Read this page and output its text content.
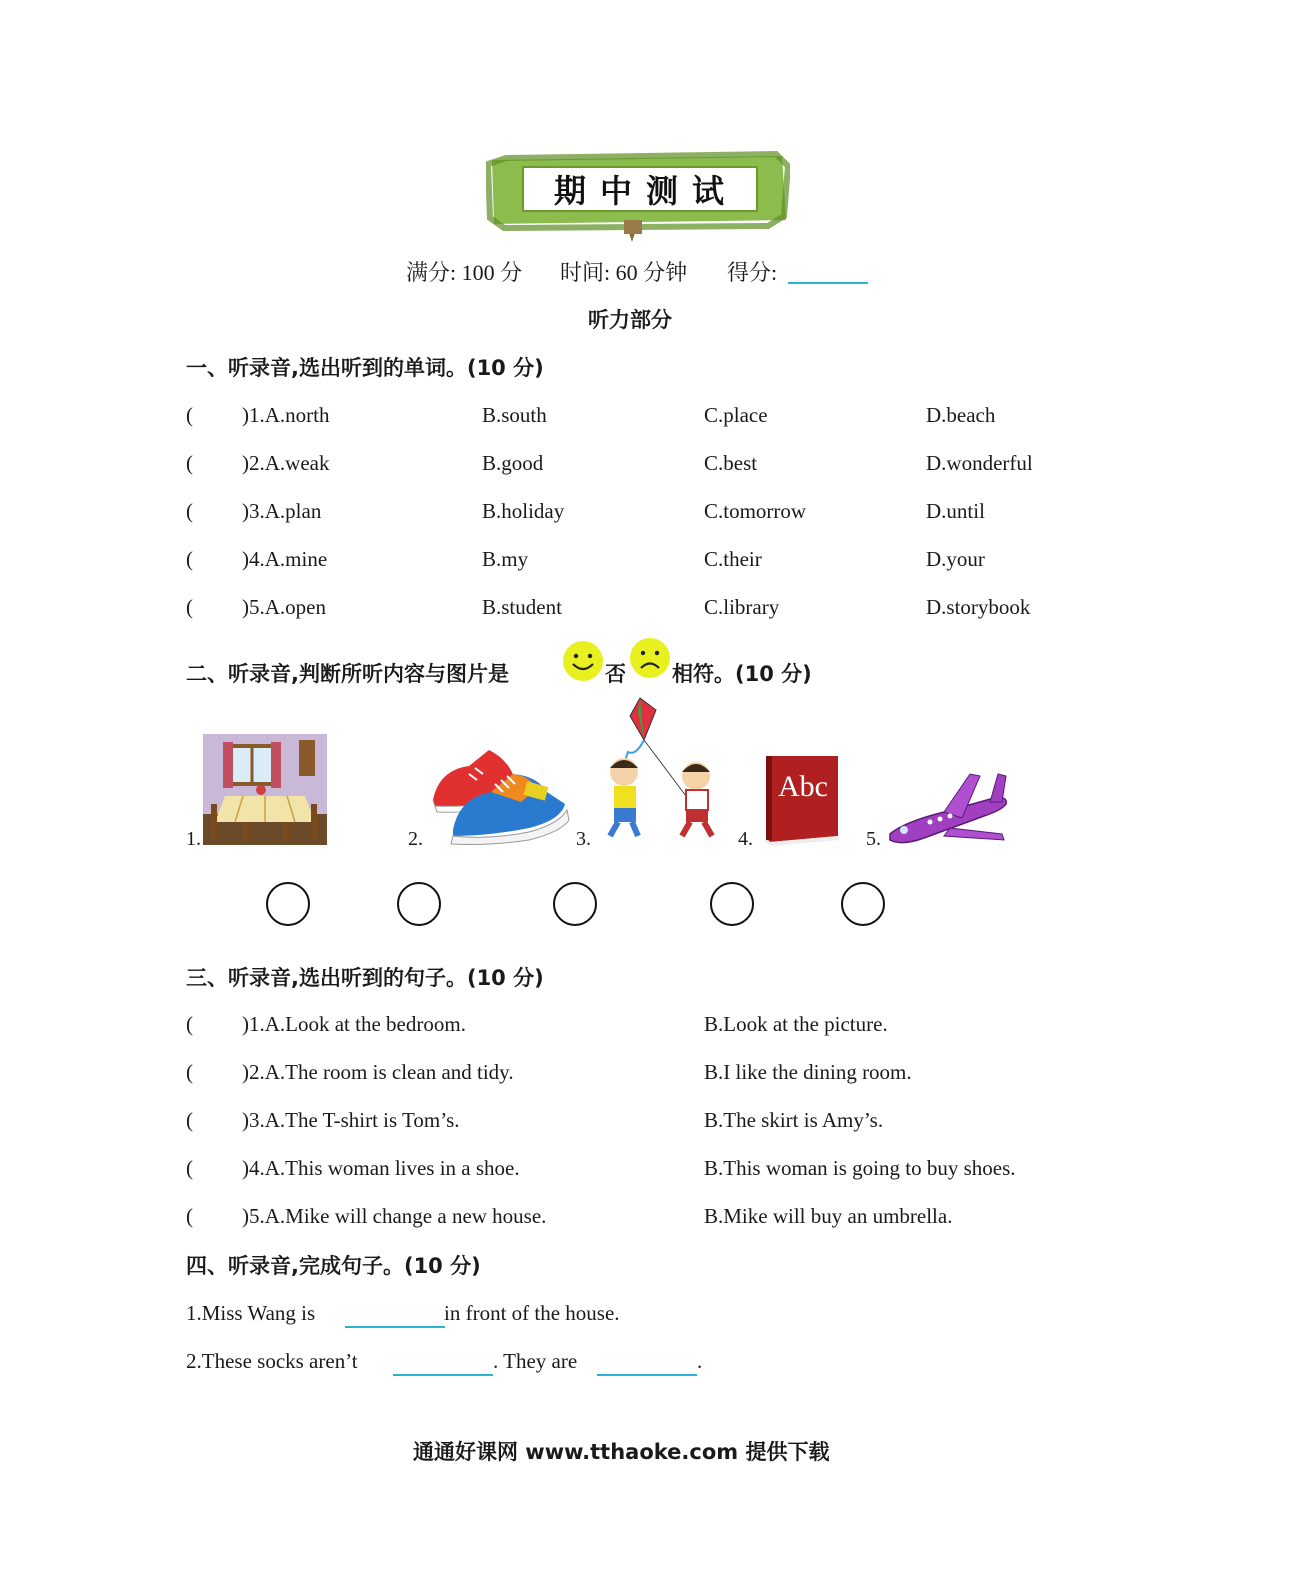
期中测试
满分: 100 分 时间: 60 分钟 得分:
听力部分
一、听录音,选出听到的单词。(10 分)
( )1.A.north	B.south	C.place	D.beach
( )2.A.weak	B.good	C.best	D.wonderful
( )3.A.plan	B.holiday	C.tomorrow	D.until
( )4.A.mine	B.my	C.their	D.your
( )5.A.open	B.student	C.library	D.storybook
二、听录音,判断所听内容与图片是	否 相符。(10 分)
1.	2.	3.	4.
Abc
5.
三、听录音,选出听到的句子。(10 分)
( )1.A.Look at the bedroom.	B.Look at the picture.
( )2.A.The room is clean and tidy.	B.I like the dining room.
( )3.A.The T-shirt is Tom’s.	B.The skirt is Amy’s.
( )4.A.This woman lives in a shoe.	B.This woman is going to buy shoes.
( )5.A.Mike will change a new house.	B.Mike will buy an umbrella.
四、听录音,完成句子。(10 分)
1.Miss Wang is	in front of the house.
2.These socks aren’t	. They are	.
通通好课网 www.tthaoke.com 提供下载
